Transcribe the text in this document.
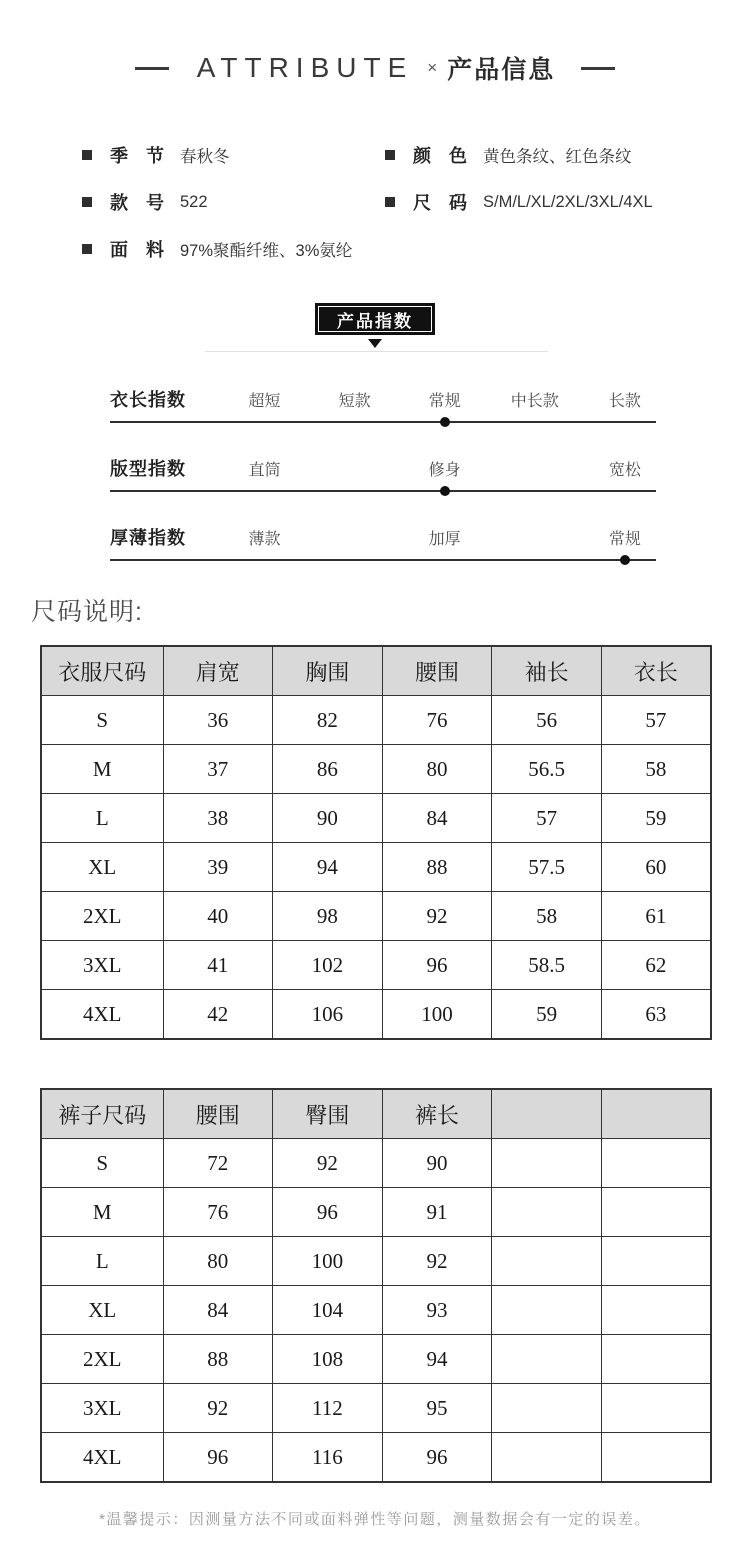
ATTRIBUTE × 产品信息
季　节 春秋冬
款　号 522
面　料 97%聚酯纤维、3%氨纶
颜　色 黄色条纹、红色条纹
尺　码 S/M/L/XL/2XL/3XL/4XL
产品指数
衣长指数	超短	短款	常规	中长款	长款
版型指数	直筒	修身	宽松
厚薄指数	薄款	加厚	常规
尺码说明:
衣服尺码	肩宽	胸围	腰围	袖长	衣长
S	36	82	76	56	57
M	37	86	80	56.5	58
L	38	90	84	57	59
XL	39	94	88	57.5	60
2XL	40	98	92	58	61
3XL	41	102	96	58.5	62
4XL	42	106	100	59	63
裤子尺码	腰围	臀围	裤长		
S	72	92	90		
M	76	96	91		
L	80	100	92		
XL	84	104	93		
2XL	88	108	94		
3XL	92	112	95		
4XL	96	116	96		
*温馨提示：因测量方法不同或面料弹性等问题，测量数据会有一定的误差。
